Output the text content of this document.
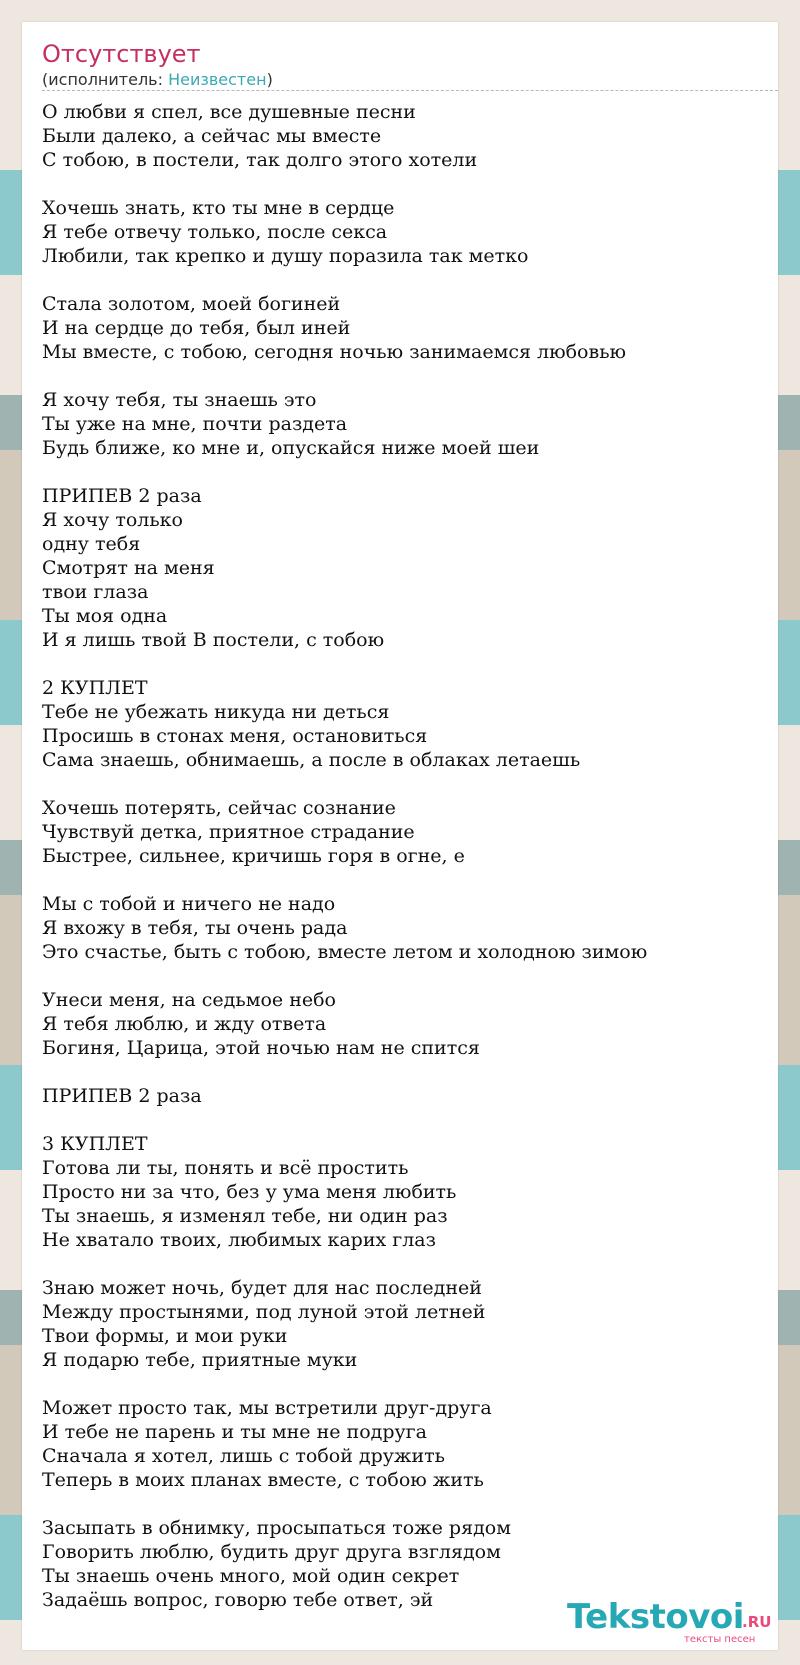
Отсутствует
(исполнитель: Неизвестен)
О любви я спел, все душевные песни
Были далеко, а сейчас мы вместе
С тобою, в постели, так долго этого хотели
Хочешь знать, кто ты мне в сердце
Я тебе отвечу только, после секса
Любили, так крепко и душу поразила так метко
Стала золотом, моей богиней
И на сердце до тебя, был иней
Мы вместе, с тобою, сегодня ночью занимаемся любовью
Я хочу тебя, ты знаешь это
Ты уже на мне, почти раздета
Будь ближе, ко мне и, опускайся ниже моей шеи
ПРИПЕВ 2 раза
Я хочу только
одну тебя
Смотрят на меня
твои глаза
Ты моя одна
И я лишь твой В постели, с тобою
2 КУПЛЕТ
Тебе не убежать никуда ни деться
Просишь в стонах меня, остановиться
Сама знаешь, обнимаешь, а после в облаках летаешь
Хочешь потерять, сейчас сознание
Чувствуй детка, приятное страдание
Быстрее, сильнее, кричишь горя в огне, е
Мы с тобой и ничего не надо
Я вхожу в тебя, ты очень рада
Это счастье, быть с тобою, вместе летом и холодною зимою
Унеси меня, на седьмое небо
Я тебя люблю, и жду ответа
Богиня, Царица, этой ночью нам не спится
ПРИПЕВ 2 раза
3 КУПЛЕТ
Готова ли ты, понять и всё простить
Просто ни за что, без у ума меня любить
Ты знаешь, я изменял тебе, ни один раз
Не хватало твоих, любимых карих глаз
Знаю может ночь, будет для нас последней
Между простынями, под луной этой летней
Твои формы, и мои руки
Я подарю тебе, приятные муки
Может просто так, мы встретили друг-друга
И тебе не парень и ты мне не подруга
Сначала я хотел, лишь с тобой дружить
Теперь в моих планах вместе, с тобою жить
Засыпать в обнимку, просыпаться тоже рядом
Говорить люблю, будить друг друга взглядом
Ты знаешь очень много, мой один секрет
Задаёшь вопрос, говорю тебе ответ, эй	Tekstovoi
.RU
тексты песен
